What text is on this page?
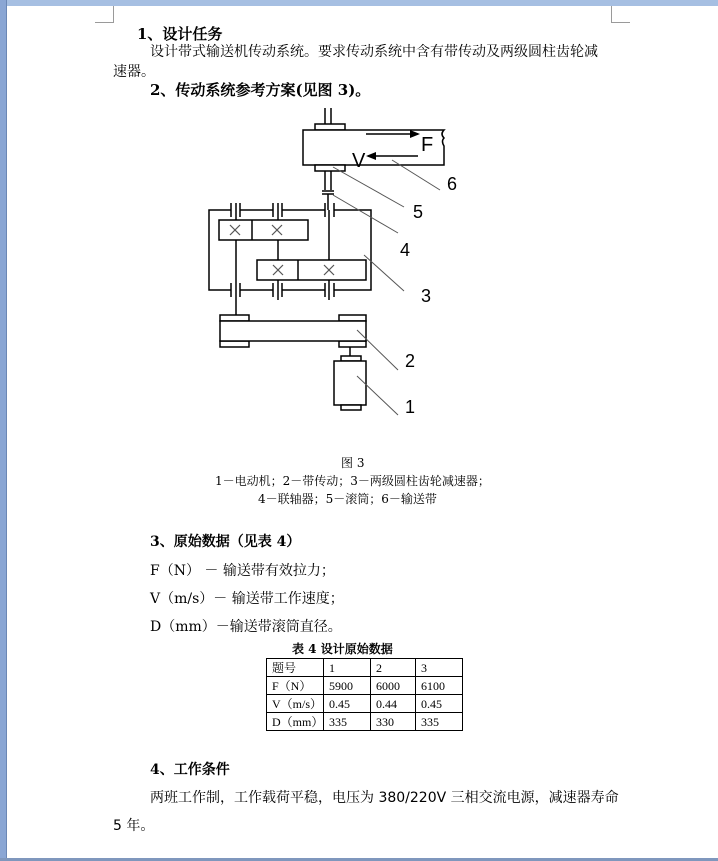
1、设计任务
设计带式输送机传动系统。要求传动系统中含有带传动及两级圆柱齿轮减
速器。
2、传动系统参考方案(见图 3)。
F
V
6
5
4
3
2
1
图 3
1－电动机；2－带传动；3－两级圆柱齿轮减速器；
4－联轴器；5－滚筒；6－输送带
3、原始数据（见表 4）
F（N） － 输送带有效拉力；
V（m/s）－ 输送带工作速度；
D（mm）－输送带滚筒直径。
表 4 设计原始数据
题号	1	2	3
F（N）	5900	6000	6100
V（m/s）	0.45	0.44	0.45
D（mm）	335	330	335
4、工作条件
两班工作制，工作载荷平稳，电压为 380/220V 三相交流电源，减速器寿命
5 年。
